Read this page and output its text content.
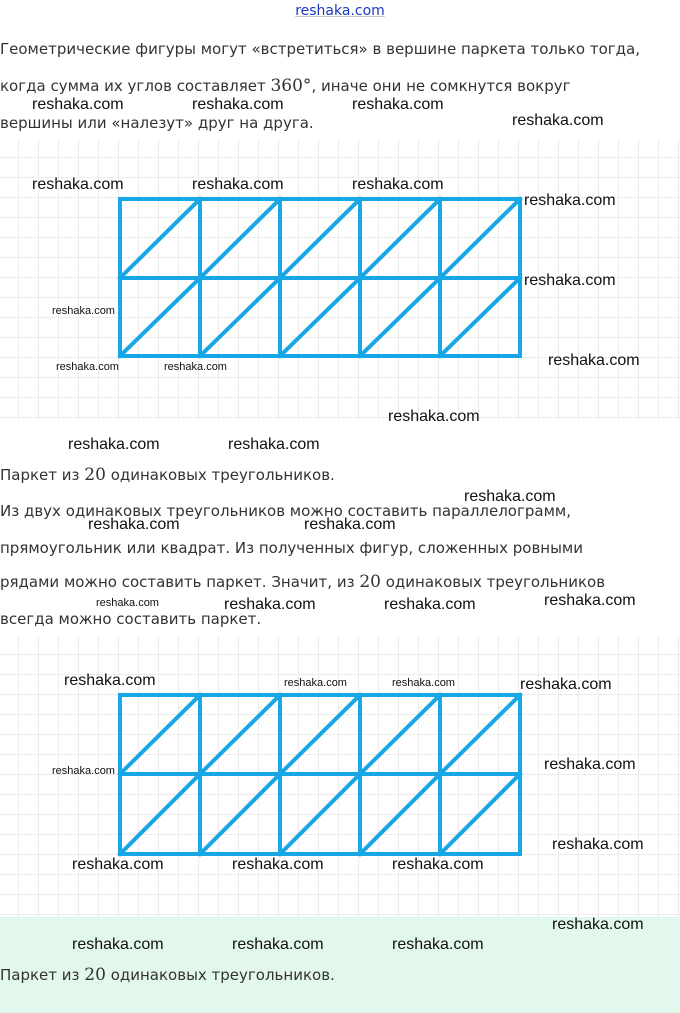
reshaka.com
Геометрические фигуры могут «встретиться» в вершине паркета только тогда,
когда сумма их углов составляет 360°, иначе они не сомкнутся вокруг
вершины или «налезут» друг на друга.
Паркет из 20 одинаковых треугольников.
Из двух одинаковых треугольников можно составить параллелограмм,
прямоугольник или квадрат. Из полученных фигур, сложенных ровными
рядами можно составить паркет. Значит, из 20 одинаковых треугольников
всегда можно составить паркет.
Паркет из 20 одинаковых треугольников.
reshaka.com	reshaka.com	reshaka.com
reshaka.com
reshaka.com	reshaka.com	reshaka.com
reshaka.com
reshaka.com
reshaka.com
reshaka.com	reshaka.com	reshaka.com
reshaka.com
reshaka.com	reshaka.com
reshaka.com
reshaka.com	reshaka.com
reshaka.com	reshaka.com	reshaka.com	reshaka.com
reshaka.com	reshaka.com	reshaka.com	reshaka.com
reshaka.com	reshaka.com
reshaka.com
reshaka.com	reshaka.com	reshaka.com
reshaka.com
reshaka.com	reshaka.com	reshaka.com
